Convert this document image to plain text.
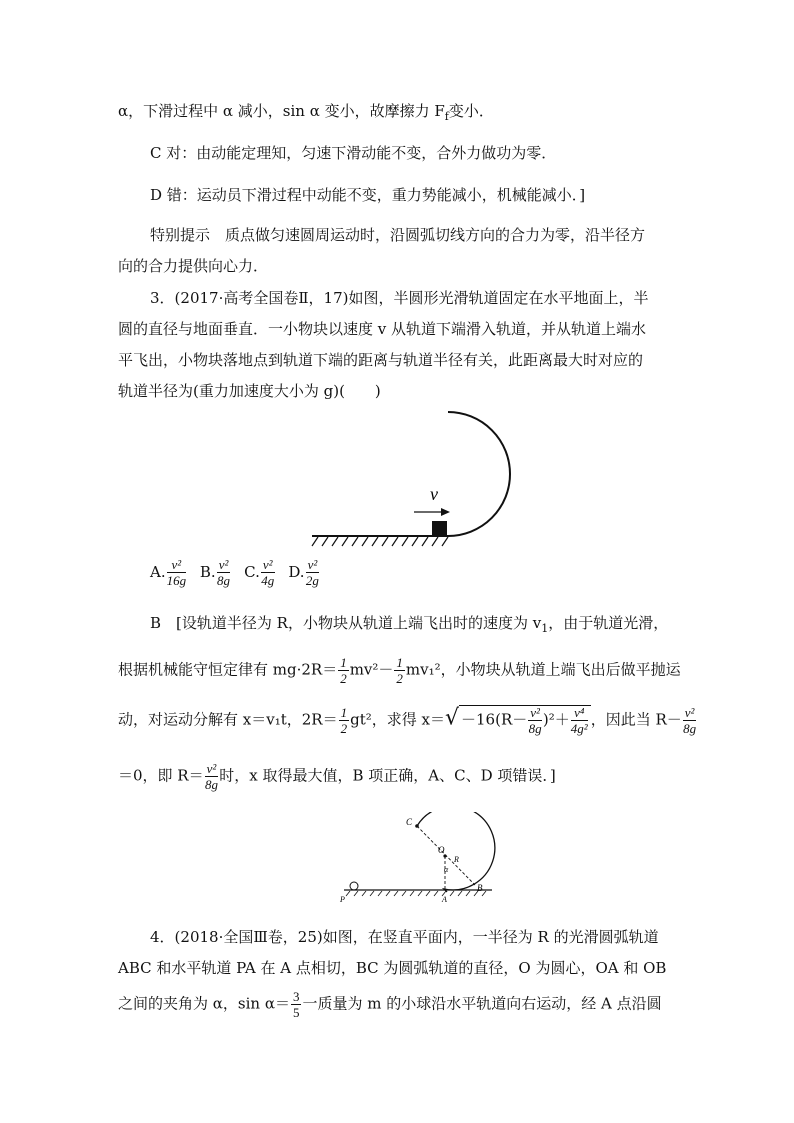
α，下滑过程中 α 减小，sin α 变小，故摩擦力 $F_f$变小．
C 对：由动能定理知，匀速下滑动能不变，合外力做功为零．
D 错：运动员下滑过程中动能不变，重力势能减小，机械能减小．]
特别提示　质点做匀速圆周运动时，沿圆弧切线方向的合力为零，沿半径方
向的合力提供向心力．
3．(2017·高考全国卷Ⅱ，17)如图，半圆形光滑轨道固定在水平地面上，半
圆的直径与地面垂直．一小物块以速度 v 从轨道下端滑入轨道，并从轨道上端水
平飞出，小物块落地点到轨道下端的距离与轨道半径有关，此距离最大时对应的
轨道半径为(重力加速度大小为 g)(　　)
v
A. $\frac{\text{v²}}{16g} B$. $\frac{\text{v²}}{8g} C$. $\frac{\text{v²}}{4g} D$. $\frac{\text{v²}}{2g}$
B　[设轨道半径为 R，小物块从轨道上端飞出时的速度为 $v_1$，由于轨道光滑，
根据机械能守恒定律有 $mg\cdot 2R= \frac{1}{2} mv^2- \frac{1}{2} mv_1^2$，小物块从轨道上端飞出后做平抛运
动，对运动分解有 x＝v₁t，$2R= \frac{1}{2} gt^2$，求得 $x=√ -16(R- \frac{\text{v²}}{8g} )^2+ \frac{\text{v⁴}}{\text{4g²}}$ ，因此当 $R- \frac{\text{v²}}{8g}$
＝0，即 $R= \frac{\text{v²}}{8g}$ 时，x 取得最大值，B 项正确，A、C、D 项错误．]
C
O
R
α
B
A
P
4．(2018·全国Ⅲ卷，25)如图，在竖直平面内，一半径为 R 的光滑圆弧轨道
ABC 和水平轨道 PA 在 A 点相切，BC 为圆弧轨道的直径，O 为圆心，OA 和 OB
之间的夹角为 α，$\sin \alpha= \frac{3}{5}$ 一质量为 m 的小球沿水平轨道向右运动，经 A 点沿圆
